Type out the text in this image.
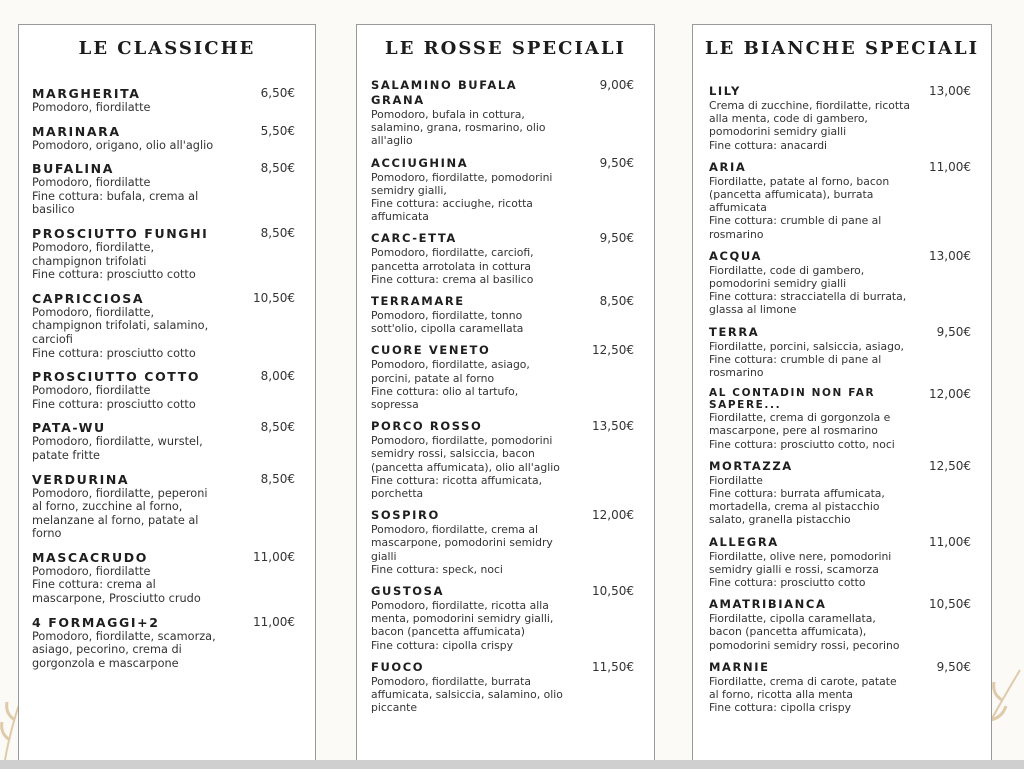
LE CLASSICHE
MARGHERITA	6,50€
Pomodoro, fiordilatte
MARINARA	5,50€
Pomodoro, origano, olio all'aglio
BUFALINA	8,50€
Pomodoro, fiordilatte
Fine cottura: bufala, crema al
basilico
PROSCIUTTO FUNGHI	8,50€
Pomodoro, fiordilatte,
champignon trifolati
Fine cottura: prosciutto cotto
CAPRICCIOSA	10,50€
Pomodoro, fiordilatte,
champignon trifolati, salamino,
carciofi
Fine cottura: prosciutto cotto
PROSCIUTTO COTTO	8,00€
Pomodoro, fiordilatte
Fine cottura: prosciutto cotto
PATA-WU	8,50€
Pomodoro, fiordilatte, wurstel,
patate fritte
VERDURINA	8,50€
Pomodoro, fiordilatte, peperoni
al forno, zucchine al forno,
melanzane al forno, patate al
forno
MASCACRUDO	11,00€
Pomodoro, fiordilatte
Fine cottura: crema al
mascarpone, Prosciutto crudo
4 FORMAGGI+2	11,00€
Pomodoro, fiordilatte, scamorza,
asiago, pecorino, crema di
gorgonzola e mascarpone
LE ROSSE SPECIALI
SALAMINO BUFALA GRANA
9,00€
Pomodoro, bufala in cottura,
salamino, grana, rosmarino, olio
all'aglio
ACCIUGHINA	9,50€
Pomodoro, fiordilatte, pomodorini
semidry gialli,
Fine cottura: acciughe, ricotta
affumicata
CARC-ETTA	9,50€
Pomodoro, fiordilatte, carciofi,
pancetta arrotolata in cottura
Fine cottura: crema al basilico
TERRAMARE	8,50€
Pomodoro, fiordilatte, tonno
sott'olio, cipolla caramellata
CUORE VENETO	12,50€
Pomodoro, fiordilatte, asiago,
porcini, patate al forno
Fine cottura: olio al tartufo,
sopressa
PORCO ROSSO	13,50€
Pomodoro, fiordilatte, pomodorini
semidry rossi, salsiccia, bacon
(pancetta affumicata), olio all'aglio
Fine cottura: ricotta affumicata,
porchetta
SOSPIRO	12,00€
Pomodoro, fiordilatte, crema al
mascarpone, pomodorini semidry
gialli
Fine cottura: speck, noci
GUSTOSA	10,50€
Pomodoro, fiordilatte, ricotta alla
menta, pomodorini semidry gialli,
bacon (pancetta affumicata)
Fine cottura: cipolla crispy
FUOCO	11,50€
Pomodoro, fiordilatte, burrata
affumicata, salsiccia, salamino, olio
piccante
LE BIANCHE SPECIALI
LILY	13,00€
Crema di zucchine, fiordilatte, ricotta
alla menta, code di gambero,
pomodorini semidry gialli
Fine cottura: anacardi
ARIA	11,00€
Fiordilatte, patate al forno, bacon
(pancetta affumicata), burrata
affumicata
Fine cottura: crumble di pane al
rosmarino
ACQUA	13,00€
Fiordilatte, code di gambero,
pomodorini semidry gialli
Fine cottura: stracciatella di burrata,
glassa al limone
TERRA	9,50€
Fiordilatte, porcini, salsiccia, asiago,
Fine cottura: crumble di pane al
rosmarino
AL CONTADIN NON FAR SAPERE...
12,00€
Fiordilatte, crema di gorgonzola e
mascarpone, pere al rosmarino
Fine cottura: prosciutto cotto, noci
MORTAZZA	12,50€
Fiordilatte
Fine cottura: burrata affumicata,
mortadella, crema al pistacchio
salato, granella pistacchio
ALLEGRA	11,00€
Fiordilatte, olive nere, pomodorini
semidry gialli e rossi, scamorza
Fine cottura: prosciutto cotto
AMATRIBIANCA	10,50€
Fiordilatte, cipolla caramellata,
bacon (pancetta affumicata),
pomodorini semidry rossi, pecorino
MARNIE	9,50€
Fiordilatte, crema di carote, patate
al forno, ricotta alla menta
Fine cottura: cipolla crispy
